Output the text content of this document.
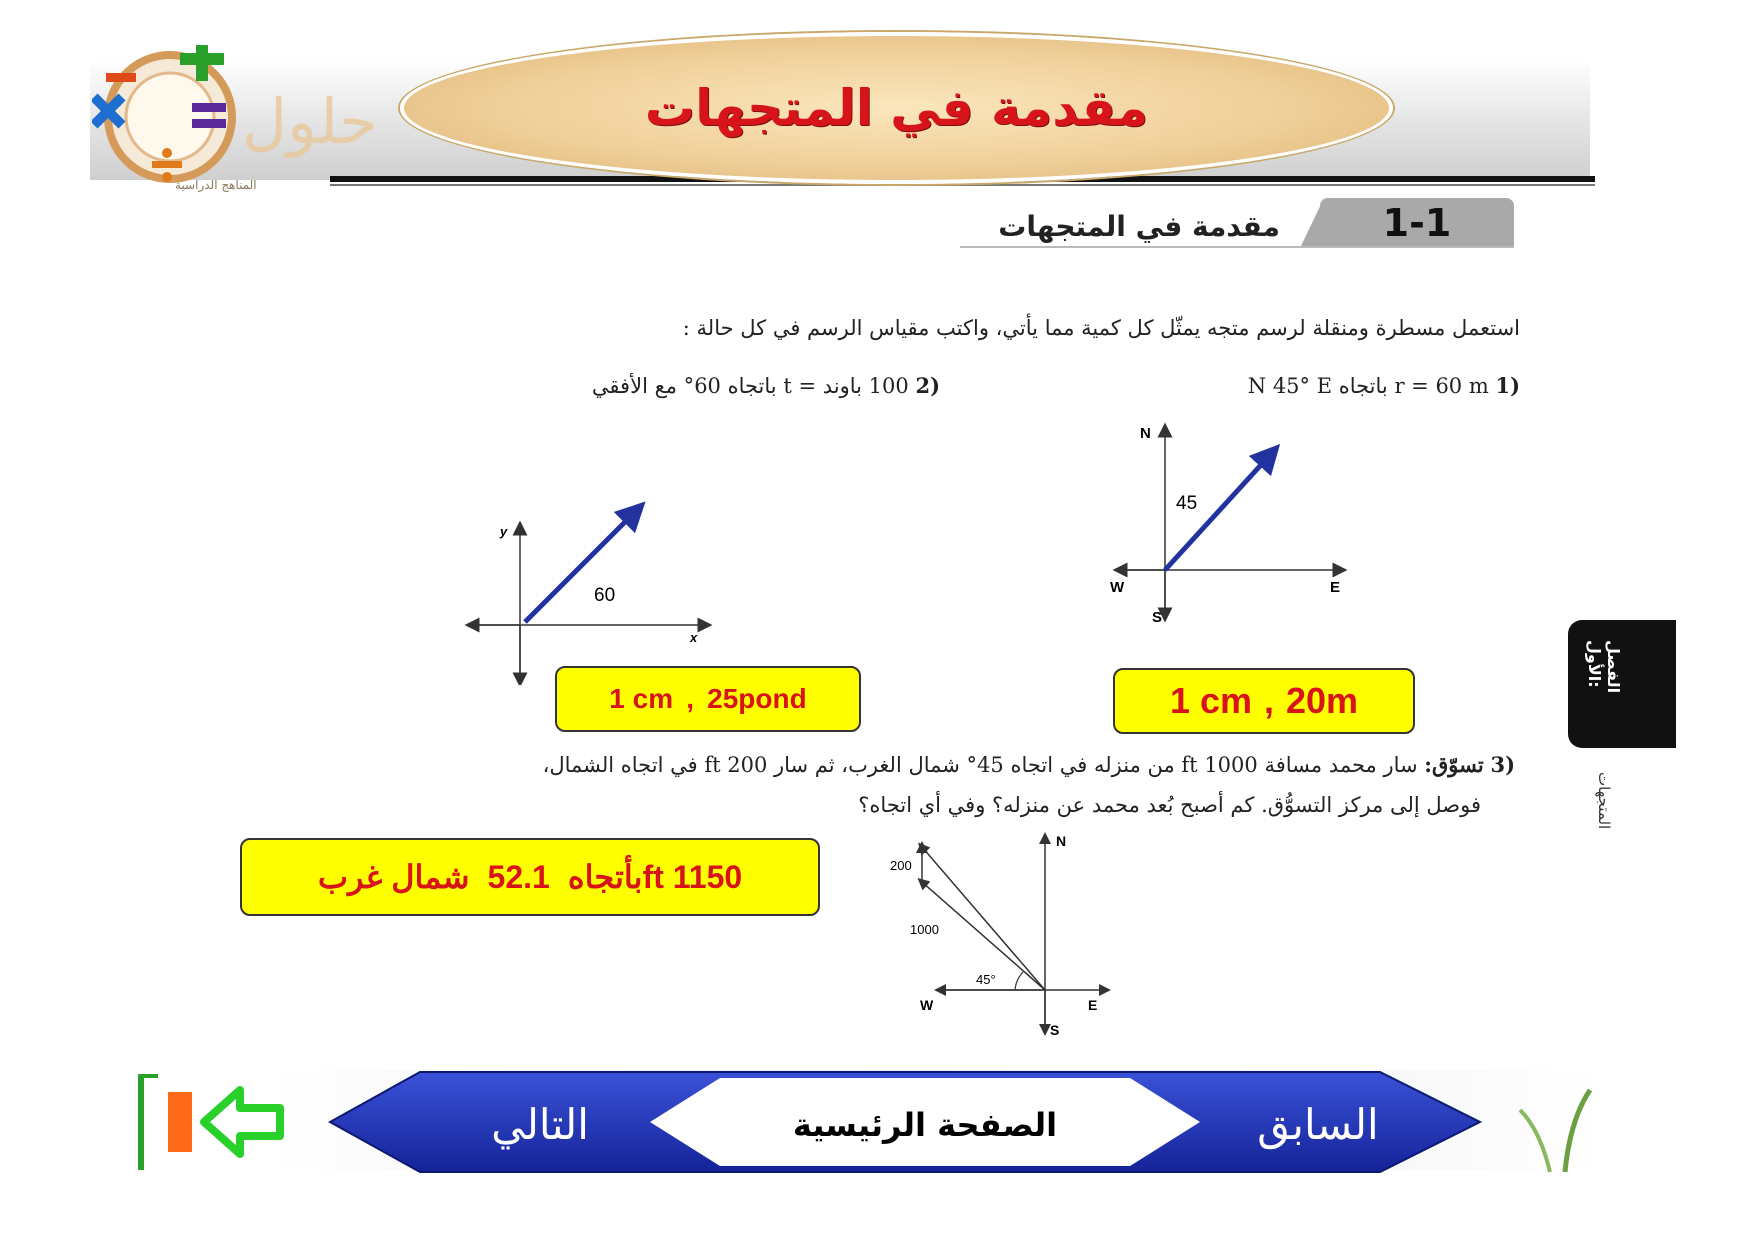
حلول
المناهج الدراسية
مقدمة في المتجهات
1-1
مقدمة في المتجهات
استعمل مسطرة ومنقلة لرسم متجه يمثّل كل كمية مما يأتي، واكتب مقياس الرسم في كل حالة :
(1 r = 60 m باتجاه N 45° E
(2 100 باوند = t باتجاه 60° مع الأفقي
N
S
E
W
45
y
x
60
1 cm , 20m
1 cm , 25pond
(3 تسوّق: سار محمد مسافة 1000 ft من منزله في اتجاه 45° شمال الغرب، ثم سار 200 ft في اتجاه الشمال،
فوصل إلى مركز التسوُّق. كم أصبح بُعد محمد عن منزله؟ وفي أي اتجاه؟
1150 ft
بأتجاه
52.1
شمال غرب
N
S
E
W
200
1000
45°
الفصل الأول:
المتجهات
التالي	الصفحة الرئيسية	السابق
